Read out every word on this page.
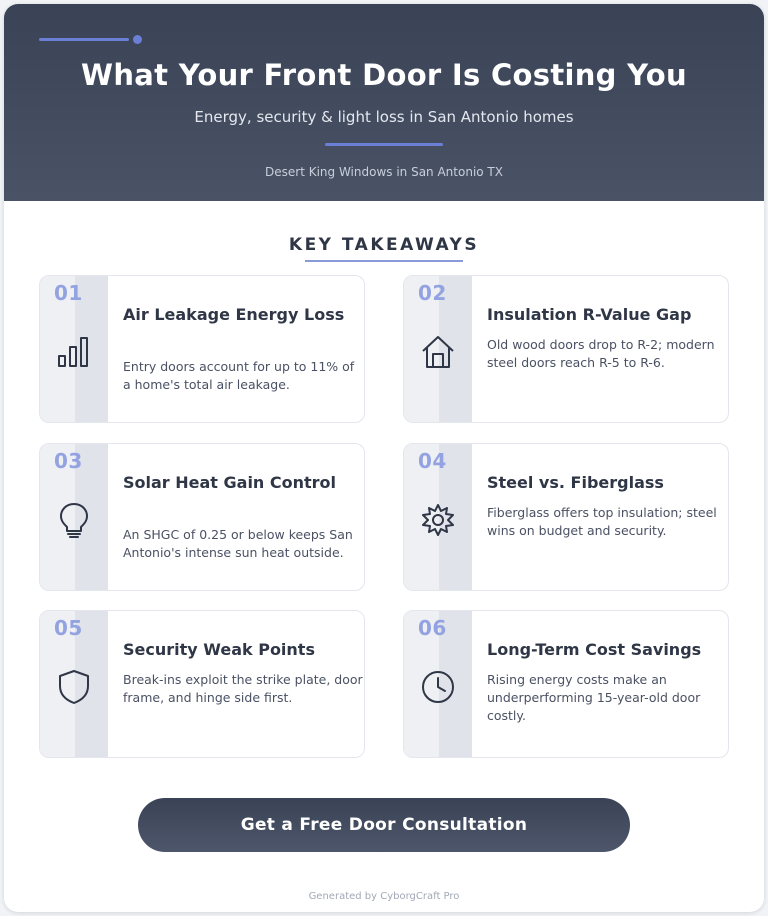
What Your Front Door Is Costing You
Energy, security & light loss in San Antonio homes
Desert King Windows in San Antonio TX
KEY TAKEAWAYS
01
Air Leakage Energy Loss
Entry doors account for up to 11% of a home's total air leakage.
02
Insulation R-Value Gap
Old wood doors drop to R-2; modern steel doors reach R-5 to R-6.
03
Solar Heat Gain Control
An SHGC of 0.25 or below keeps San Antonio's intense sun heat outside.
04
Steel vs. Fiberglass
Fiberglass offers top insulation; steel wins on budget and security.
05
Security Weak Points
Break-ins exploit the strike plate, door frame, and hinge side first.
06
Long-Term Cost Savings
Rising energy costs make an underperforming 15-year-old door costly.
Get a Free Door Consultation
Generated by CyborgCraft Pro
